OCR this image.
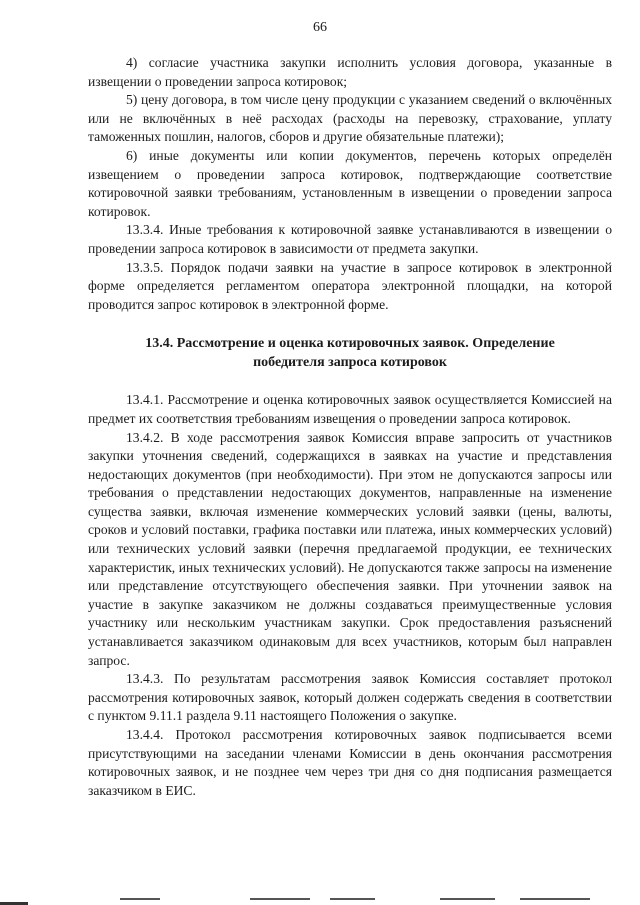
66

4) согласие участника закупки исполнить условия договора, указанные в извещении о проведении запроса котировок;

5) цену договора, в том числе цену продукции с указанием сведений о включённых или не включённых в неё расходах (расходы на перевозку, страхование, уплату таможенных пошлин, налогов, сборов и другие обязательные платежи);

6) иные документы или копии документов, перечень которых определён извещением о проведении запроса котировок, подтверждающие соответствие котировочной заявки требованиям, установленным в извещении о проведении запроса котировок.

13.3.4. Иные требования к котировочной заявке устанавливаются в извещении о проведении запроса котировок в зависимости от предмета закупки.

13.3.5. Порядок подачи заявки на участие в запросе котировок в электронной форме определяется регламентом оператора электронной площадки, на которой проводится запрос котировок в электронной форме.

13.4. Рассмотрение и оценка котировочных заявок. Определение победителя запроса котировок

13.4.1. Рассмотрение и оценка котировочных заявок осуществляется Комиссией на предмет их соответствия требованиям извещения о проведении запроса котировок.

13.4.2. В ходе рассмотрения заявок Комиссия вправе запросить от участников закупки уточнения сведений, содержащихся в заявках на участие и представления недостающих документов (при необходимости). При этом не допускаются запросы или требования о представлении недостающих документов, направленные на изменение существа заявки, включая изменение коммерческих условий заявки (цены, валюты, сроков и условий поставки, графика поставки или платежа, иных коммерческих условий) или технических условий заявки (перечня предлагаемой продукции, ее технических характеристик, иных технических условий). Не допускаются также запросы на изменение или представление отсутствующего обеспечения заявки. При уточнении заявок на участие в закупке заказчиком не должны создаваться преимущественные условия участнику или нескольким участникам закупки. Срок предоставления разъяснений устанавливается заказчиком одинаковым для всех участников, которым был направлен запрос.

13.4.3. По результатам рассмотрения заявок Комиссия составляет протокол рассмотрения котировочных заявок, который должен содержать сведения в соответствии с пунктом 9.11.1 раздела 9.11 настоящего Положения о закупке.

13.4.4. Протокол рассмотрения котировочных заявок подписывается всеми присутствующими на заседании членами Комиссии в день окончания рассмотрения котировочных заявок, и не позднее чем через три дня со дня подписания размещается заказчиком в ЕИС.
